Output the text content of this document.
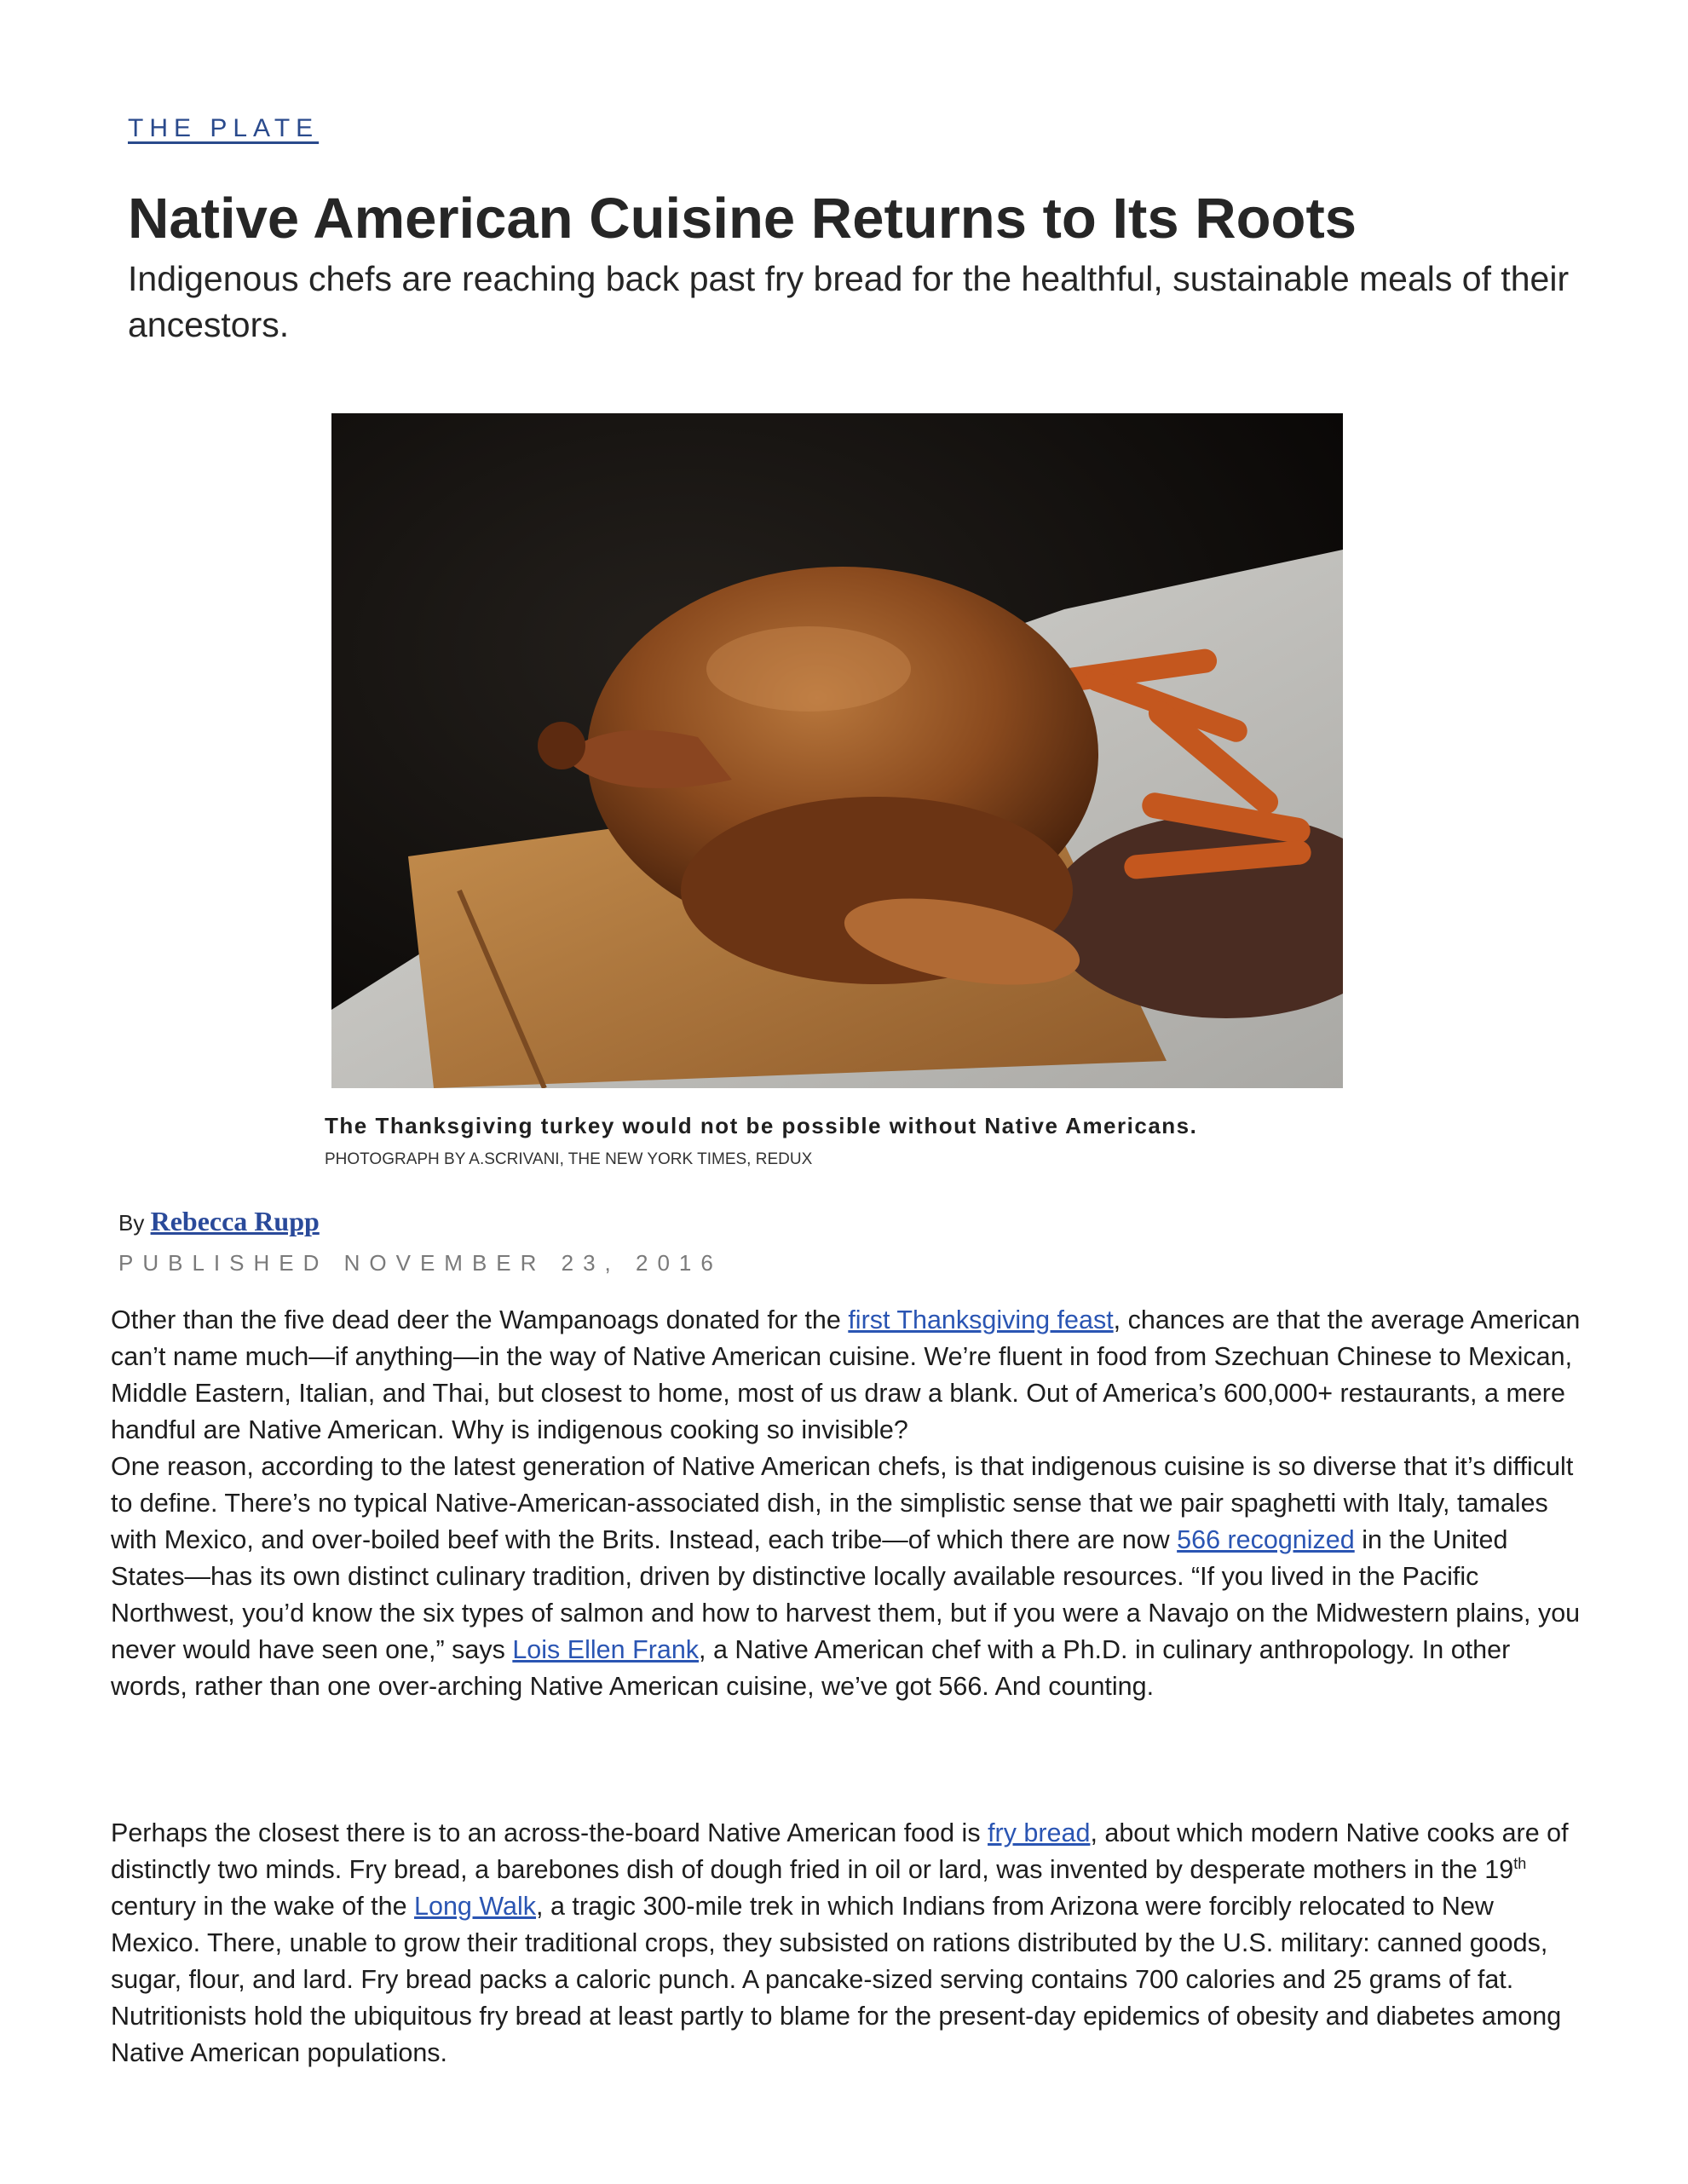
THE PLATE
Native American Cuisine Returns to Its Roots

Indigenous chefs are reaching back past fry bread for the healthful, sustainable meals of their ancestors.

The Thanksgiving turkey would not be possible without Native Americans.
PHOTOGRAPH BY A.SCRIVANI, THE NEW YORK TIMES, REDUX
By Rebecca Rupp
PUBLISHED NOVEMBER 23, 2016

Other than the five dead deer the Wampanoags donated for the first Thanksgiving feast, chances are that the average American can’t name much—if anything—in the way of Native American cuisine. We’re fluent in food from Szechuan Chinese to Mexican, Middle Eastern, Italian, and Thai, but closest to home, most of us draw a blank. Out of America’s 600,000+ restaurants, a mere handful are Native American. Why is indigenous cooking so invisible?

One reason, according to the latest generation of Native American chefs, is that indigenous cuisine is so diverse that it’s difficult to define. There’s no typical Native-American-associated dish, in the simplistic sense that we pair spaghetti with Italy, tamales with Mexico, and over-boiled beef with the Brits. Instead, each tribe—of which there are now 566 recognized in the United States—has its own distinct culinary tradition, driven by distinctive locally available resources. “If you lived in the Pacific Northwest, you’d know the six types of salmon and how to harvest them, but if you were a Navajo on the Midwestern plains, you never would have seen one,” says Lois Ellen Frank, a Native American chef with a Ph.D. in culinary anthropology. In other words, rather than one over-arching Native American cuisine, we’ve got 566. And counting.

Perhaps the closest there is to an across-the-board Native American food is fry bread, about which modern Native cooks are of distinctly two minds. Fry bread, a barebones dish of dough fried in oil or lard, was invented by desperate mothers in the 19th century in the wake of the Long Walk, a tragic 300-mile trek in which Indians from Arizona were forcibly relocated to New Mexico. There, unable to grow their traditional crops, they subsisted on rations distributed by the U.S. military: canned goods, sugar, flour, and lard. Fry bread packs a caloric punch. A pancake-sized serving contains 700 calories and 25 grams of fat. Nutritionists hold the ubiquitous fry bread at least partly to blame for the present-day epidemics of obesity and diabetes among Native American populations.
